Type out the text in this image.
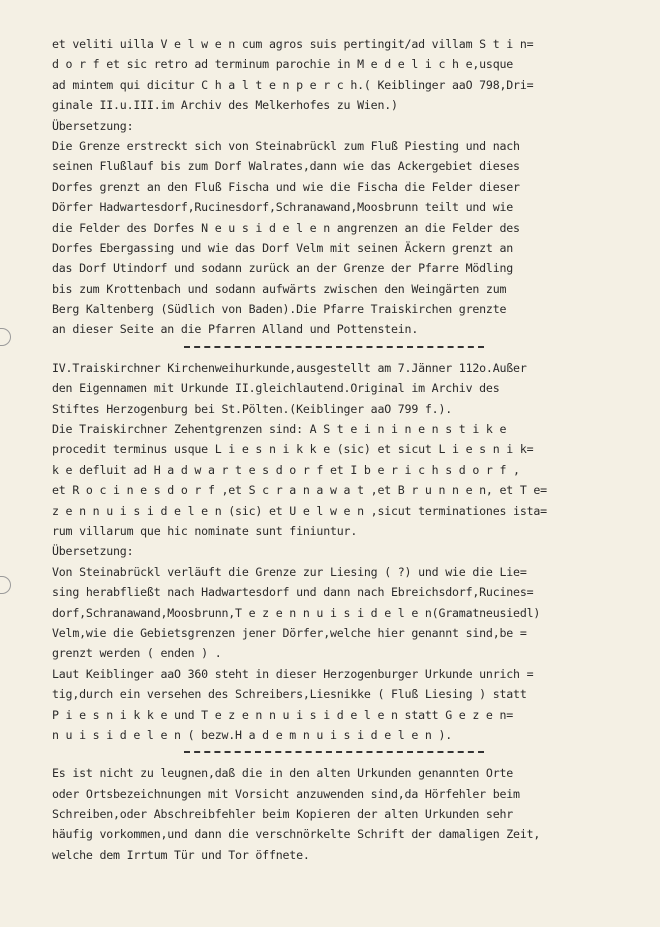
et veliti uilla V e l w e n cum agros suis pertingit/ad villam S t i n=
d o r f et sic retro ad terminum parochie in M e d e l i c h e,usque
ad mintem qui dicitur C h a l t e n p e r c h.( Keiblinger aaO 798,Dri=
ginale II.u.III.im Archiv des Melkerhofes zu Wien.)
Übersetzung:
Die Grenze erstreckt sich von Steinabrückl zum Fluß Piesting und nach
seinen Flußlauf bis zum Dorf Walrates,dann wie das Ackergebiet dieses
Dorfes grenzt an den Fluß Fischa und wie die Fischa die Felder dieser
Dörfer Hadwartesdorf,Rucinesdorf,Schranawand,Moosbrunn teilt und wie
die Felder des Dorfes N e u s i d e l e n angrenzen an die Felder des
Dorfes Ebergassing und wie das Dorf Velm mit seinen Äckern grenzt an
das Dorf Utindorf und sodann zurück an der Grenze der Pfarre Mödling
bis zum Krottenbach und sodann aufwärts zwischen den Weingärten zum
Berg Kaltenberg (Südlich von Baden).Die Pfarre Traiskirchen grenzte
an dieser Seite an die Pfarren Alland und Pottenstein.
IV.Traiskirchner Kirchenweihurkunde,ausgestellt am 7.Jänner 112o.Außer
den Eigennamen mit Urkunde II.gleichlautend.Original im Archiv des
Stiftes Herzogenburg bei St.Pölten.(Keiblinger aaO 799 f.).
Die Traiskirchner Zehentgrenzen sind: A S t e i n i n e n s t i k e
procedit terminus usque L i e s n i k k e (sic) et sicut L i e s n i k=
k e defluit ad H a d w a r t e s d o r f et I b e r i c h s d o r f ,
et R o c i n e s d o r f ,et S c r a n a w a t ,et B r u n n e n, et T e=
z e n n u i s i d e l e n (sic) et U e l w e n ,sicut terminationes ista=
rum villarum que hic nominate sunt finiuntur.
Übersetzung:
Von Steinabrückl verläuft die Grenze zur Liesing ( ?) und wie die Lie=
sing herabfließt nach Hadwartesdorf und dann nach Ebreichsdorf,Rucines=
dorf,Schranawand,Moosbrunn,T e z e n n u i s i d e l e n(Gramatneusiedl)
Velm,wie die Gebietsgrenzen jener Dörfer,welche hier genannt sind,be =
grenzt werden ( enden ) .
Laut Keiblinger aaO 360 steht in dieser Herzogenburger Urkunde unrich =
tig,durch ein versehen des Schreibers,Liesnikke ( Fluß Liesing ) statt
P i e s n i k k e und T e z e n n u i s i d e l e n statt G e z e n=
n u i s i d e l e n ( bezw.H a d e m n u i s i d e l e n ).
Es ist nicht zu leugnen,daß die in den alten Urkunden genannten Orte
oder Ortsbezeichnungen mit Vorsicht anzuwenden sind,da Hörfehler beim
Schreiben,oder Abschreibfehler beim Kopieren der alten Urkunden sehr
häufig vorkommen,und dann die verschnörkelte Schrift der damaligen Zeit,
welche dem Irrtum Tür und Tor öffnete.
